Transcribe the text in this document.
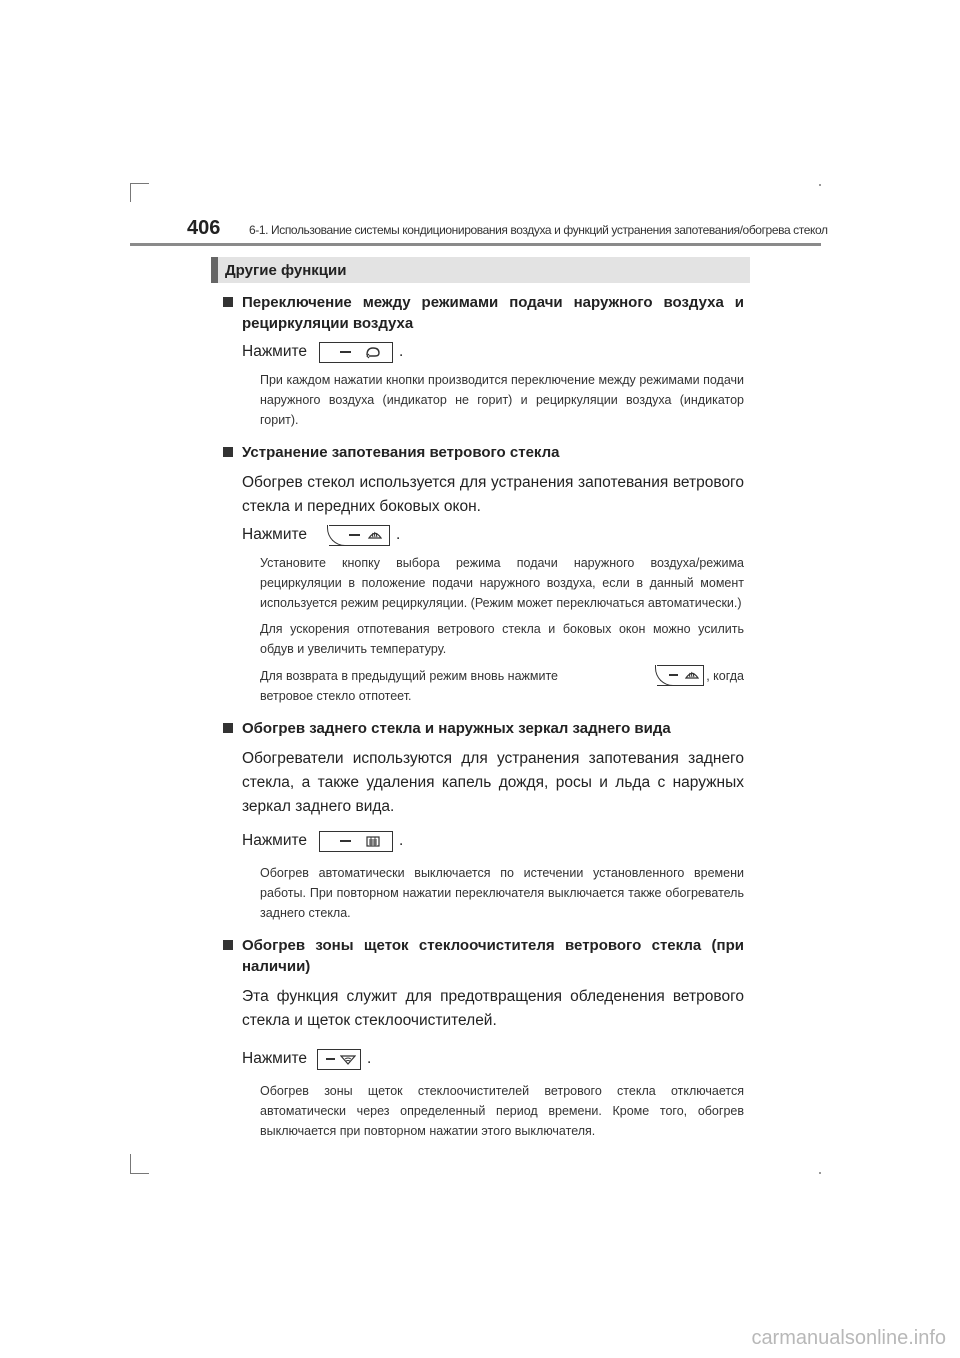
406 6-1. Использование системы кондиционирования воздуха и функций устранения запотевания/обогрева стекол
Другие функции
Переключение между режимами подачи наружного воздуха и рециркуляции воздуха
Нажмите	.
При каждом нажатии кнопки производится переключение между режимами подачи наружного воздуха (индикатор не горит) и рециркуляции воздуха (индикатор горит).
Устранение запотевания ветрового стекла
Обогрев стекол используется для устранения запотевания ветрового стекла и передних боковых окон.
Нажмите	.
Установите кнопку выбора режима подачи наружного воздуха/режима рециркуляции в положение подачи наружного воздуха, если в данный момент используется режим рециркуляции. (Режим может переключаться автоматически.)
Для ускорения отпотевания ветрового стекла и боковых окон можно усилить обдув и увеличить температуру.
Для возврата в предыдущий режим вновь нажмите	, когда
ветровое стекло отпотеет.
Обогрев заднего стекла и наружных зеркал заднего вида
Обогреватели используются для устранения запотевания заднего стекла, а также удаления капель дождя, росы и льда с наружных зеркал заднего вида.
Нажмите	.
Обогрев автоматически выключается по истечении установленного времени работы. При повторном нажатии переключателя выключается также обогреватель заднего стекла.
Обогрев зоны щеток стеклоочистителя ветрового стекла (при наличии)
Эта функция служит для предотвращения обледенения ветрового стекла и щеток стеклоочистителей.
Нажмите	.
Обогрев зоны щеток стеклоочистителей ветрового стекла отключается автоматически через определенный период времени. Кроме того, обогрев выключается при повторном нажатии этого выключателя.
carmanualsonline.info
